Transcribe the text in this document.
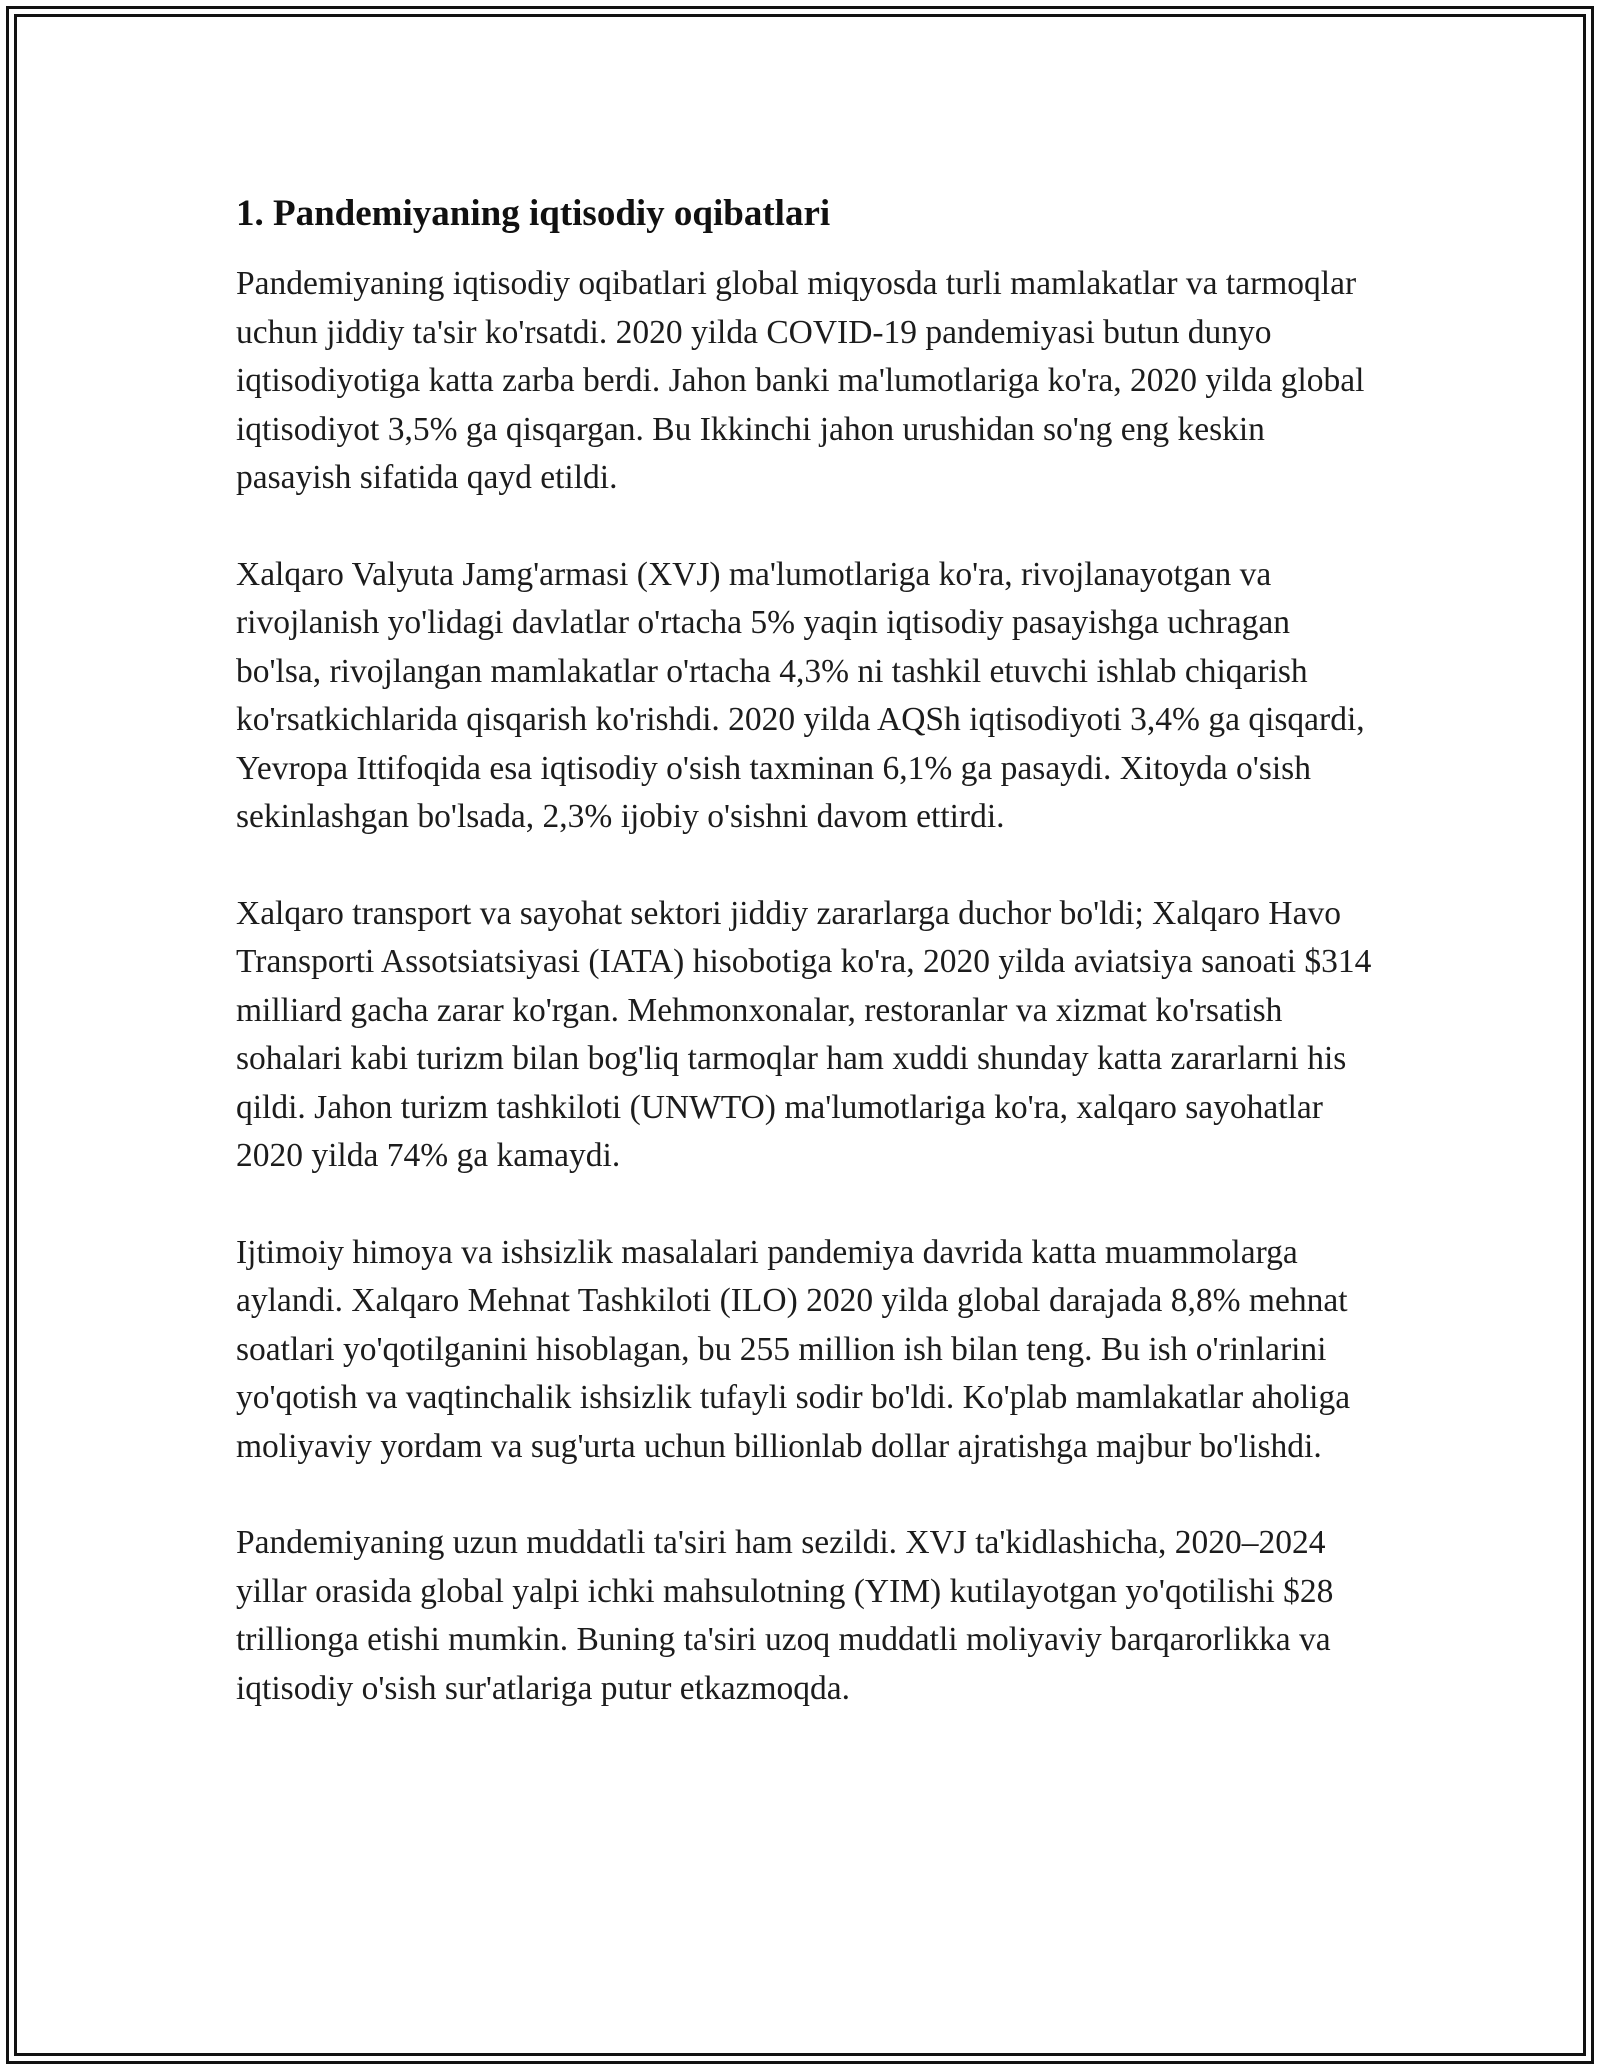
1. Pandemiyaning iqtisodiy oqibatlari

Pandemiyaning iqtisodiy oqibatlari global miqyosda turli mamlakatlar va tarmoqlar uchun jiddiy ta'sir ko'rsatdi. 2020 yilda COVID-19 pandemiyasi butun dunyo iqtisodiyotiga katta zarba berdi. Jahon banki ma'lumotlariga ko'ra, 2020 yilda global iqtisodiyot 3,5% ga qisqargan. Bu Ikkinchi jahon urushidan so'ng eng keskin pasayish sifatida qayd etildi.

Xalqaro Valyuta Jamg'armasi (XVJ) ma'lumotlariga ko'ra, rivojlanayotgan va rivojlanish yo'lidagi davlatlar o'rtacha 5% yaqin iqtisodiy pasayishga uchragan bo'lsa, rivojlangan mamlakatlar o'rtacha 4,3% ni tashkil etuvchi ishlab chiqarish ko'rsatkichlarida qisqarish ko'rishdi. 2020 yilda AQSh iqtisodiyoti 3,4% ga qisqardi, Yevropa Ittifoqida esa iqtisodiy o'sish taxminan 6,1% ga pasaydi. Xitoyda o'sish sekinlashgan bo'lsada, 2,3% ijobiy o'sishni davom ettirdi.

Xalqaro transport va sayohat sektori jiddiy zararlarga duchor bo'ldi; Xalqaro Havo Transporti Assotsiatsiyasi (IATA) hisobotiga ko'ra, 2020 yilda aviatsiya sanoati $314 milliard gacha zarar ko'rgan. Mehmonxonalar, restoranlar va xizmat ko'rsatish sohalari kabi turizm bilan bog'liq tarmoqlar ham xuddi shunday katta zararlarni his qildi. Jahon turizm tashkiloti (UNWTO) ma'lumotlariga ko'ra, xalqaro sayohatlar 2020 yilda 74% ga kamaydi.

Ijtimoiy himoya va ishsizlik masalalari pandemiya davrida katta muammolarga aylandi. Xalqaro Mehnat Tashkiloti (ILO) 2020 yilda global darajada 8,8% mehnat soatlari yo'qotilganini hisoblagan, bu 255 million ish bilan teng. Bu ish o'rinlarini yo'qotish va vaqtinchalik ishsizlik tufayli sodir bo'ldi. Ko'plab mamlakatlar aholiga moliyaviy yordam va sug'urta uchun billionlab dollar ajratishga majbur bo'lishdi.

Pandemiyaning uzun muddatli ta'siri ham sezildi. XVJ ta'kidlashicha, 2020–2024 yillar orasida global yalpi ichki mahsulotning (YIM) kutilayotgan yo'qotilishi $28 trillionga etishi mumkin. Buning ta'siri uzoq muddatli moliyaviy barqarorlikka va iqtisodiy o'sish sur'atlariga putur etkazmoqda.
